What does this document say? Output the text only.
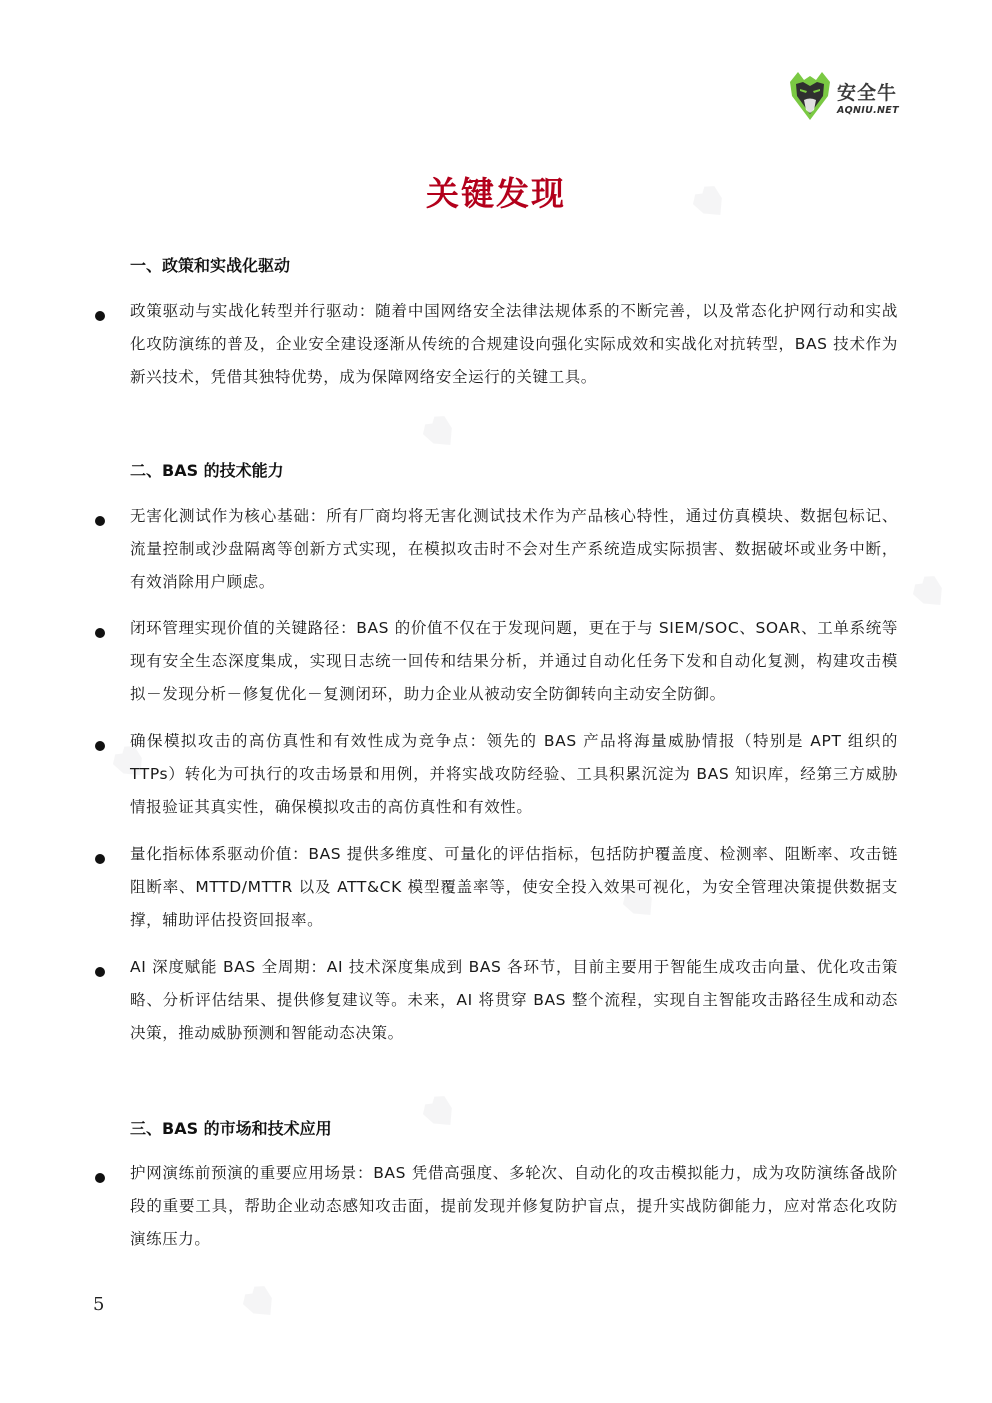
安全牛
AQNIU.NET
关键发现
一、政策和实战化驱动

政策驱动与实战化转型并行驱动：随着中国网络安全法律法规体系的不断完善，以及常态化护网行动和实战化攻防演练的普及，企业安全建设逐渐从传统的合规建设向强化实际成效和实战化对抗转型，BAS 技术作为新兴技术，凭借其独特优势，成为保障网络安全运行的关键工具。

二、BAS 的技术能力

无害化测试作为核心基础：所有厂商均将无害化测试技术作为产品核心特性，通过仿真模块、数据包标记、流量控制或沙盘隔离等创新方式实现，在模拟攻击时不会对生产系统造成实际损害、数据破坏或业务中断，有效消除用户顾虑。

闭环管理实现价值的关键路径：BAS 的价值不仅在于发现问题，更在于与 SIEM/SOC、SOAR、工单系统等现有安全生态深度集成，实现日志统一回传和结果分析，并通过自动化任务下发和自动化复测，构建攻击模拟－发现分析－修复优化－复测闭环，助力企业从被动安全防御转向主动安全防御。

确保模拟攻击的高仿真性和有效性成为竞争点：领先的 BAS 产品将海量威胁情报（特别是 APT 组织的 TTPs）转化为可执行的攻击场景和用例，并将实战攻防经验、工具积累沉淀为 BAS 知识库，经第三方威胁情报验证其真实性，确保模拟攻击的高仿真性和有效性。

量化指标体系驱动价值：BAS 提供多维度、可量化的评估指标，包括防护覆盖度、检测率、阻断率、攻击链阻断率、MTTD/MTTR 以及 ATT&CK 模型覆盖率等，使安全投入效果可视化，为安全管理决策提供数据支撑，辅助评估投资回报率。

AI 深度赋能 BAS 全周期：AI 技术深度集成到 BAS 各环节，目前主要用于智能生成攻击向量、优化攻击策略、分析评估结果、提供修复建议等。未来，AI 将贯穿 BAS 整个流程，实现自主智能攻击路径生成和动态决策，推动威胁预测和智能动态决策。

三、BAS 的市场和技术应用

护网演练前预演的重要应用场景：BAS 凭借高强度、多轮次、自动化的攻击模拟能力，成为攻防演练备战阶段的重要工具，帮助企业动态感知攻击面，提前发现并修复防护盲点，提升实战防御能力，应对常态化攻防演练压力。

5
